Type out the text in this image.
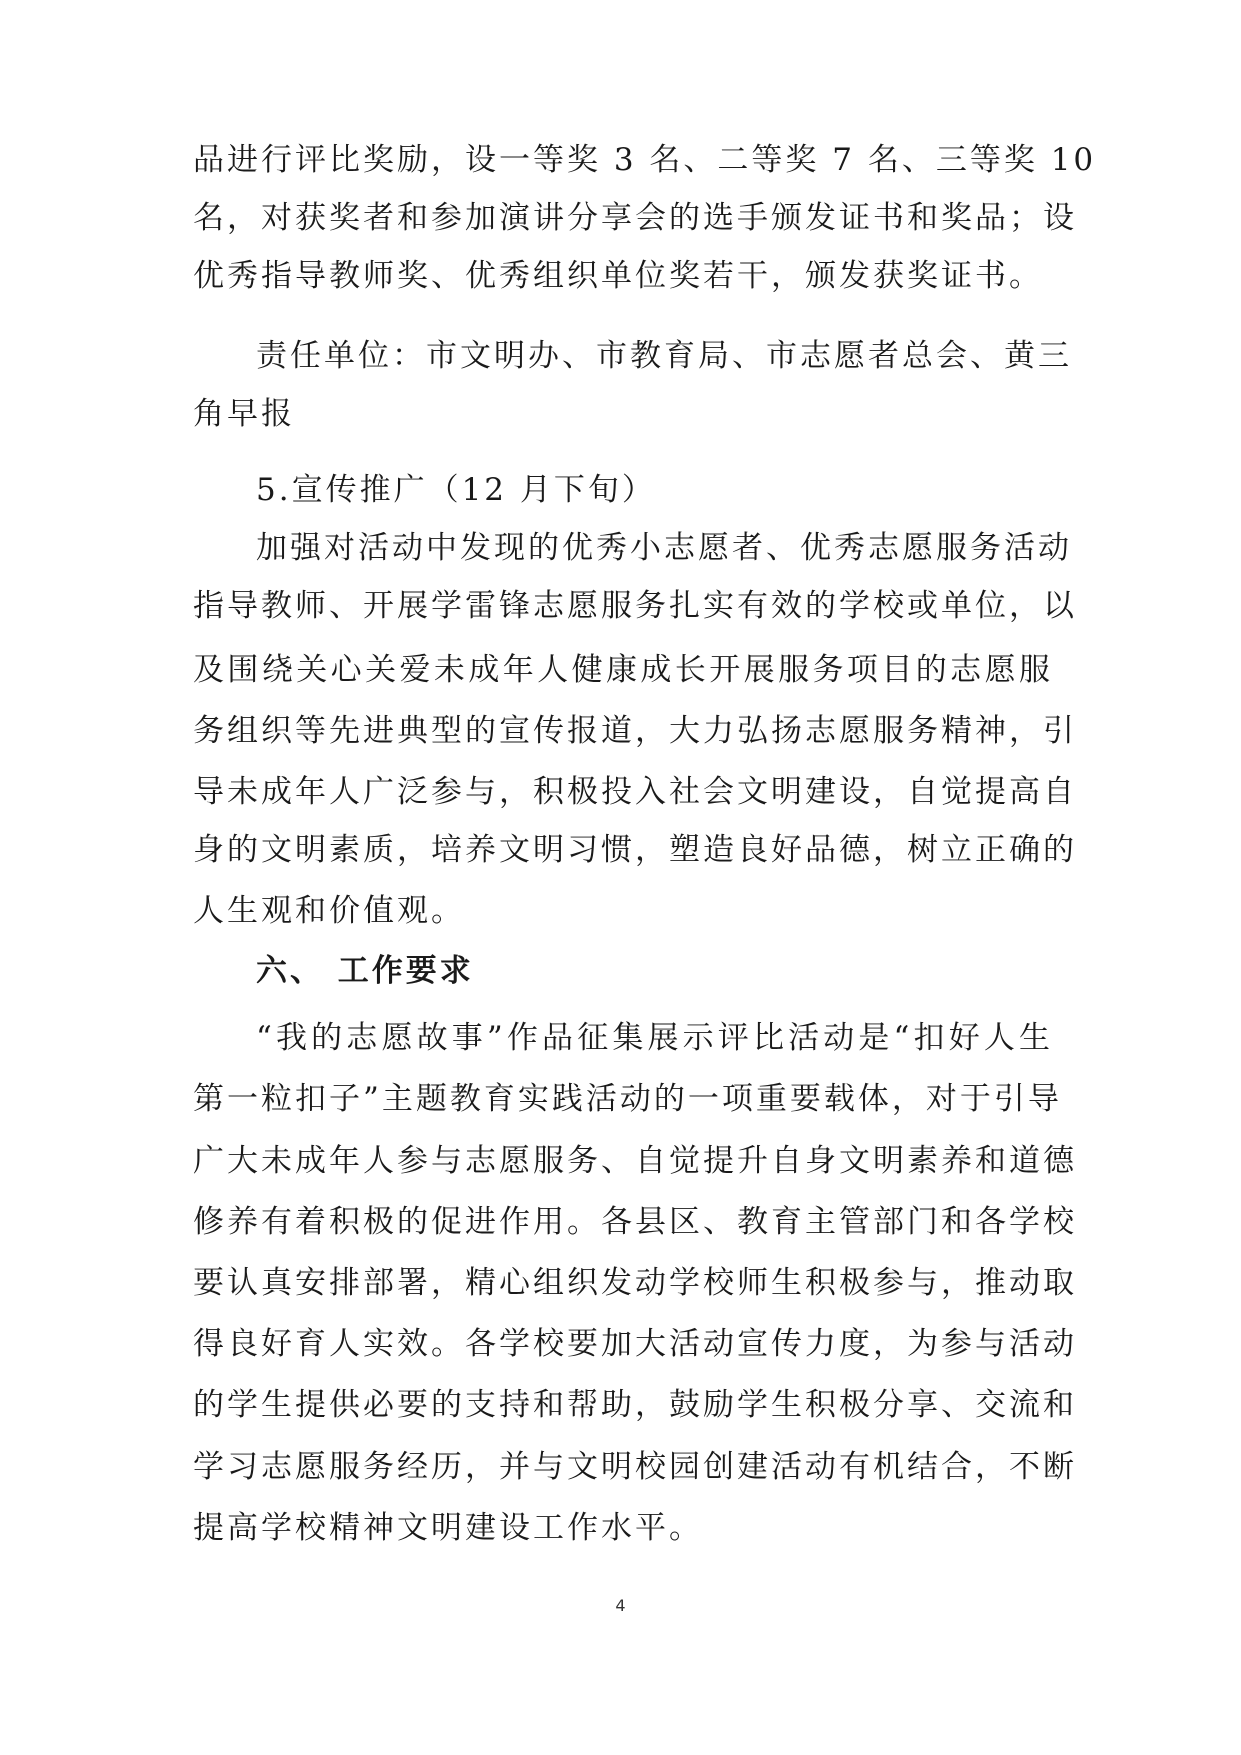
品进行评比奖励，设一等奖 3 名、二等奖 7 名、三等奖 10
名，对获奖者和参加演讲分享会的选手颁发证书和奖品；设
优秀指导教师奖、优秀组织单位奖若干，颁发获奖证书。
责任单位：市文明办、市教育局、市志愿者总会、黄三
角早报
5.宣传推广（12 月下旬）
加强对活动中发现的优秀小志愿者、优秀志愿服务活动
指导教师、开展学雷锋志愿服务扎实有效的学校或单位，以
及围绕关心关爱未成年人健康成长开展服务项目的志愿服
务组织等先进典型的宣传报道，大力弘扬志愿服务精神，引
导未成年人广泛参与，积极投入社会文明建设，自觉提高自
身的文明素质，培养文明习惯，塑造良好品德，树立正确的
人生观和价值观。
六、 工作要求
“我的志愿故事”作品征集展示评比活动是“扣好人生
第一粒扣子”主题教育实践活动的一项重要载体，对于引导
广大未成年人参与志愿服务、自觉提升自身文明素养和道德
修养有着积极的促进作用。各县区、教育主管部门和各学校
要认真安排部署，精心组织发动学校师生积极参与，推动取
得良好育人实效。各学校要加大活动宣传力度，为参与活动
的学生提供必要的支持和帮助，鼓励学生积极分享、交流和
学习志愿服务经历，并与文明校园创建活动有机结合，不断
提高学校精神文明建设工作水平。
4
